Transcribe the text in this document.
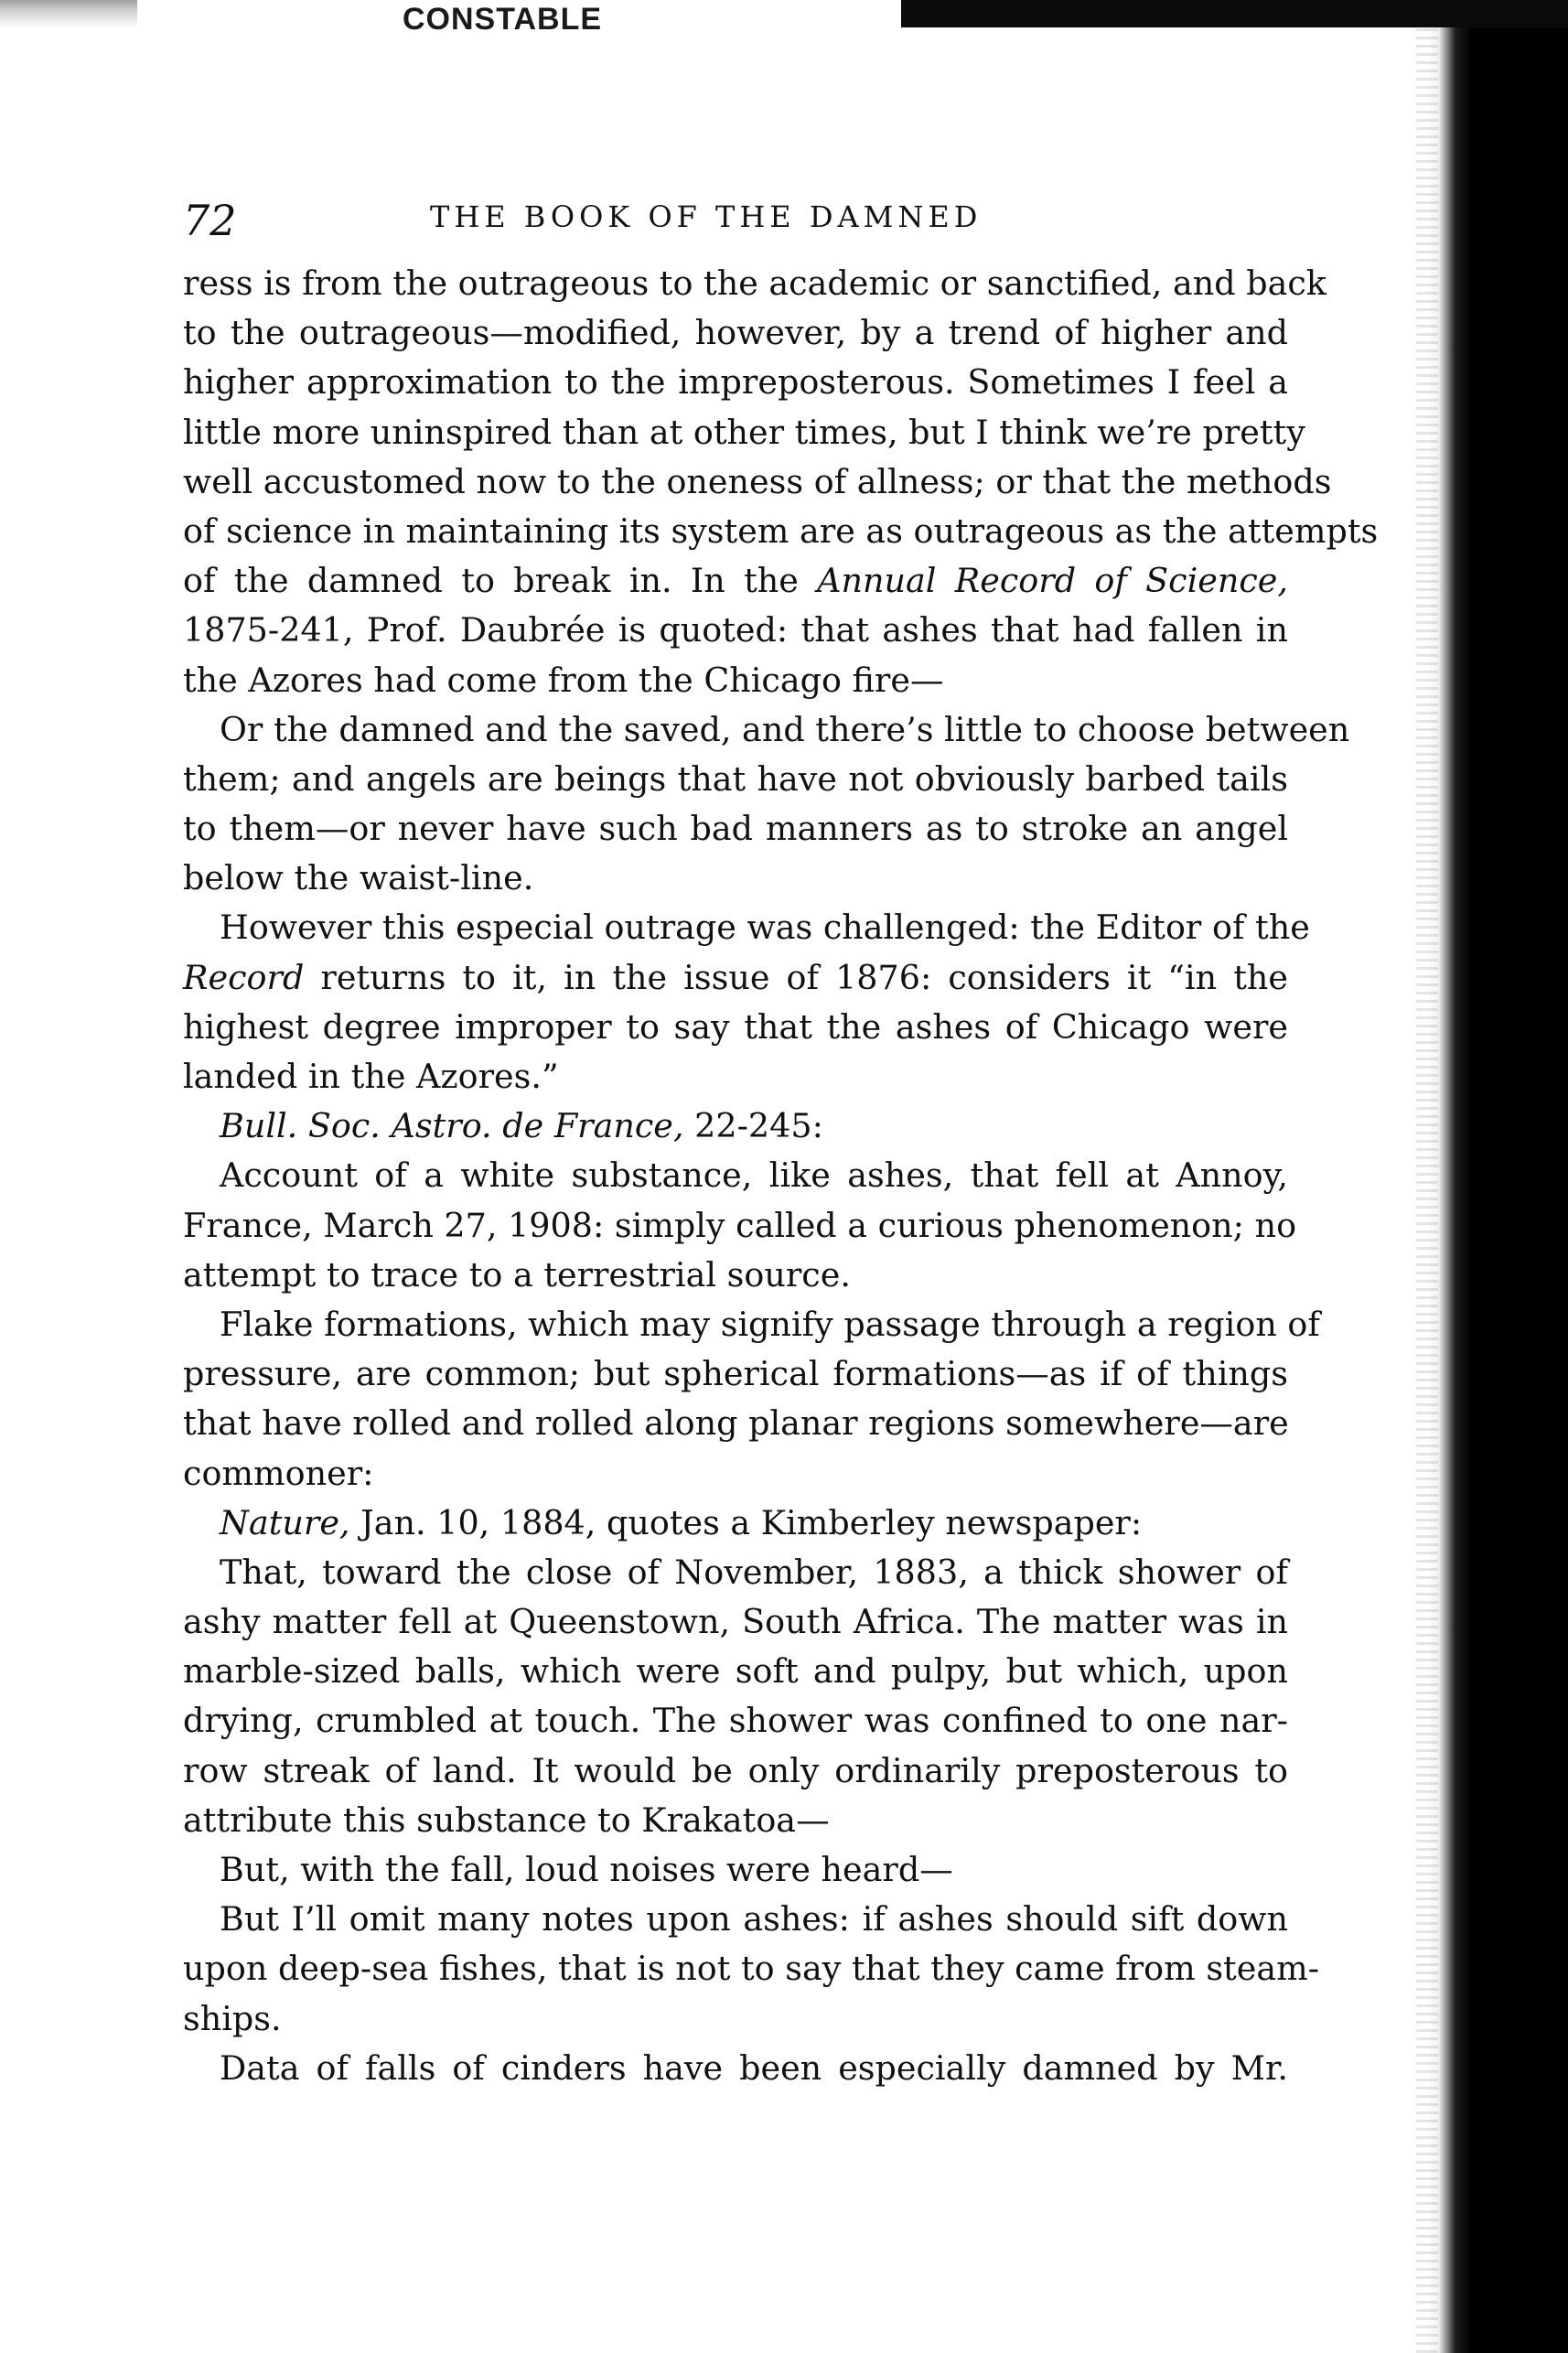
CONSTABLE
72	THE BOOK OF THE DAMNED
ress is from the outrageous to the academic or sanctified, and back
to the outrageous—modified, however, by a trend of higher and
higher approximation to the impreposterous. Sometimes I feel a
little more uninspired than at other times, but I think we’re pretty
well accustomed now to the oneness of allness; or that the methods
of science in maintaining its system are as outrageous as the attempts
of the damned to break in. In the Annual Record of Science,
1875-241, Prof. Daubrée is quoted: that ashes that had fallen in
the Azores had come from the Chicago fire—
Or the damned and the saved, and there’s little to choose between
them; and angels are beings that have not obviously barbed tails
to them—or never have such bad manners as to stroke an angel
below the waist-line.
However this especial outrage was challenged: the Editor of the
Record returns to it, in the issue of 1876: considers it “in the
highest degree improper to say that the ashes of Chicago were
landed in the Azores.”
Bull. Soc. Astro. de France, 22-245:
Account of a white substance, like ashes, that fell at Annoy,
France, March 27, 1908: simply called a curious phenomenon; no
attempt to trace to a terrestrial source.
Flake formations, which may signify passage through a region of
pressure, are common; but spherical formations—as if of things
that have rolled and rolled along planar regions somewhere—are
commoner:
Nature, Jan. 10, 1884, quotes a Kimberley newspaper:
That, toward the close of November, 1883, a thick shower of
ashy matter fell at Queenstown, South Africa. The matter was in
marble-sized balls, which were soft and pulpy, but which, upon
drying, crumbled at touch. The shower was confined to one nar-
row streak of land. It would be only ordinarily preposterous to
attribute this substance to Krakatoa—
But, with the fall, loud noises were heard—
But I’ll omit many notes upon ashes: if ashes should sift down
upon deep-sea fishes, that is not to say that they came from steam-
ships.
Data of falls of cinders have been especially damned by Mr.
